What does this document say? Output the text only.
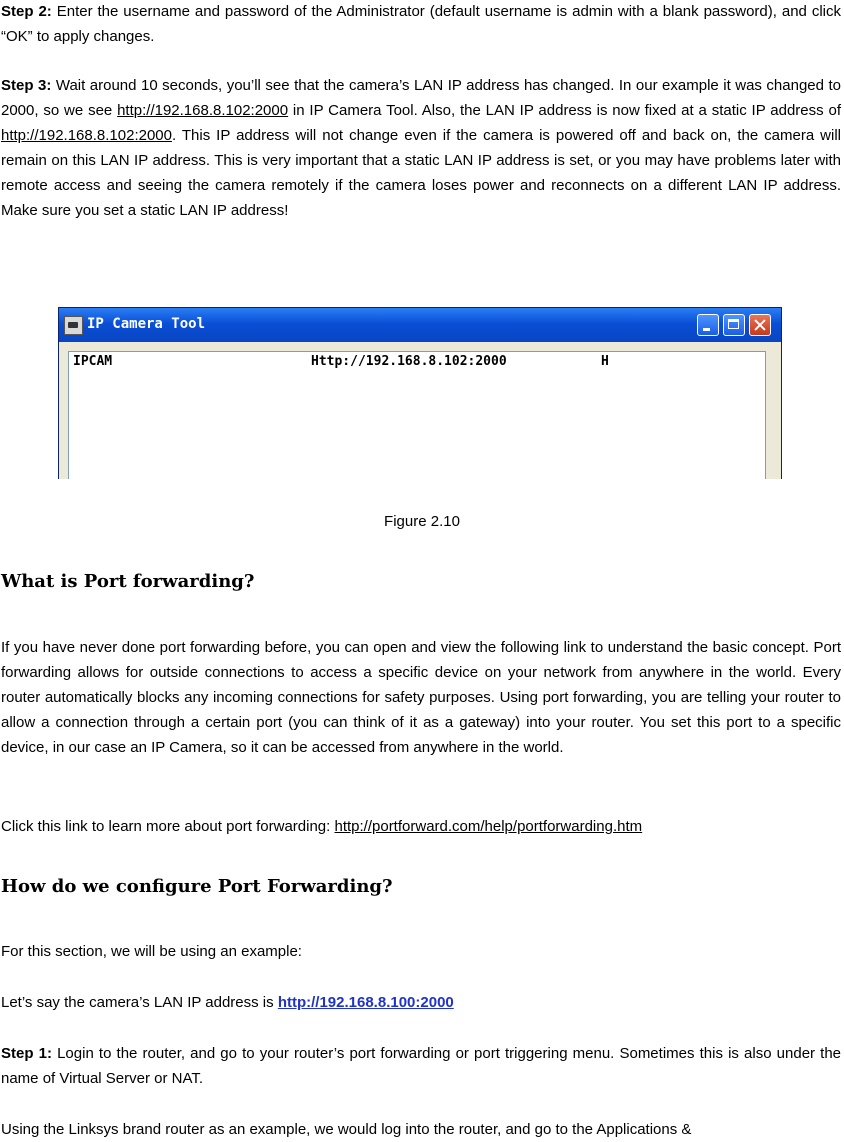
Step 2: Enter the username and password of the Administrator (default username is admin with a blank password), and click “OK” to apply changes.

Step 3: Wait around 10 seconds, you’ll see that the camera’s LAN IP address has changed. In our example it was changed to 2000, so we see http://192.168.8.102:2000 in IP Camera Tool. Also, the LAN IP address is now fixed at a static IP address of http://192.168.8.102:2000. This IP address will not change even if the camera is powered off and back on, the camera will remain on this LAN IP address. This is very important that a static LAN IP address is set, or you may have problems later with remote access and seeing the camera remotely if the camera loses power and reconnects on a different LAN IP address. Make sure you set a static LAN IP address!

IP Camera Tool
IPCAM	Http://192.168.8.102:2000	H
Figure 2.10
What is Port forwarding?

If you have never done port forwarding before, you can open and view the following link to understand the basic concept. Port forwarding allows for outside connections to access a specific device on your network from anywhere in the world. Every router automatically blocks any incoming connections for safety purposes. Using port forwarding, you are telling your router to allow a connection through a certain port (you can think of it as a gateway) into your router. You set this port to a specific device, in our case an IP Camera, so it can be accessed from anywhere in the world.

Click this link to learn more about port forwarding: http://portforward.com/help/portforwarding.htm

How do we configure Port Forwarding?

For this section, we will be using an example:

Let’s say the camera’s LAN IP address is http://192.168.8.100:2000

Step 1: Login to the router, and go to your router’s port forwarding or port triggering menu. Sometimes this is also under the name of Virtual Server or NAT.

Using the Linksys brand router as an example, we would log into the router, and go to the Applications &
